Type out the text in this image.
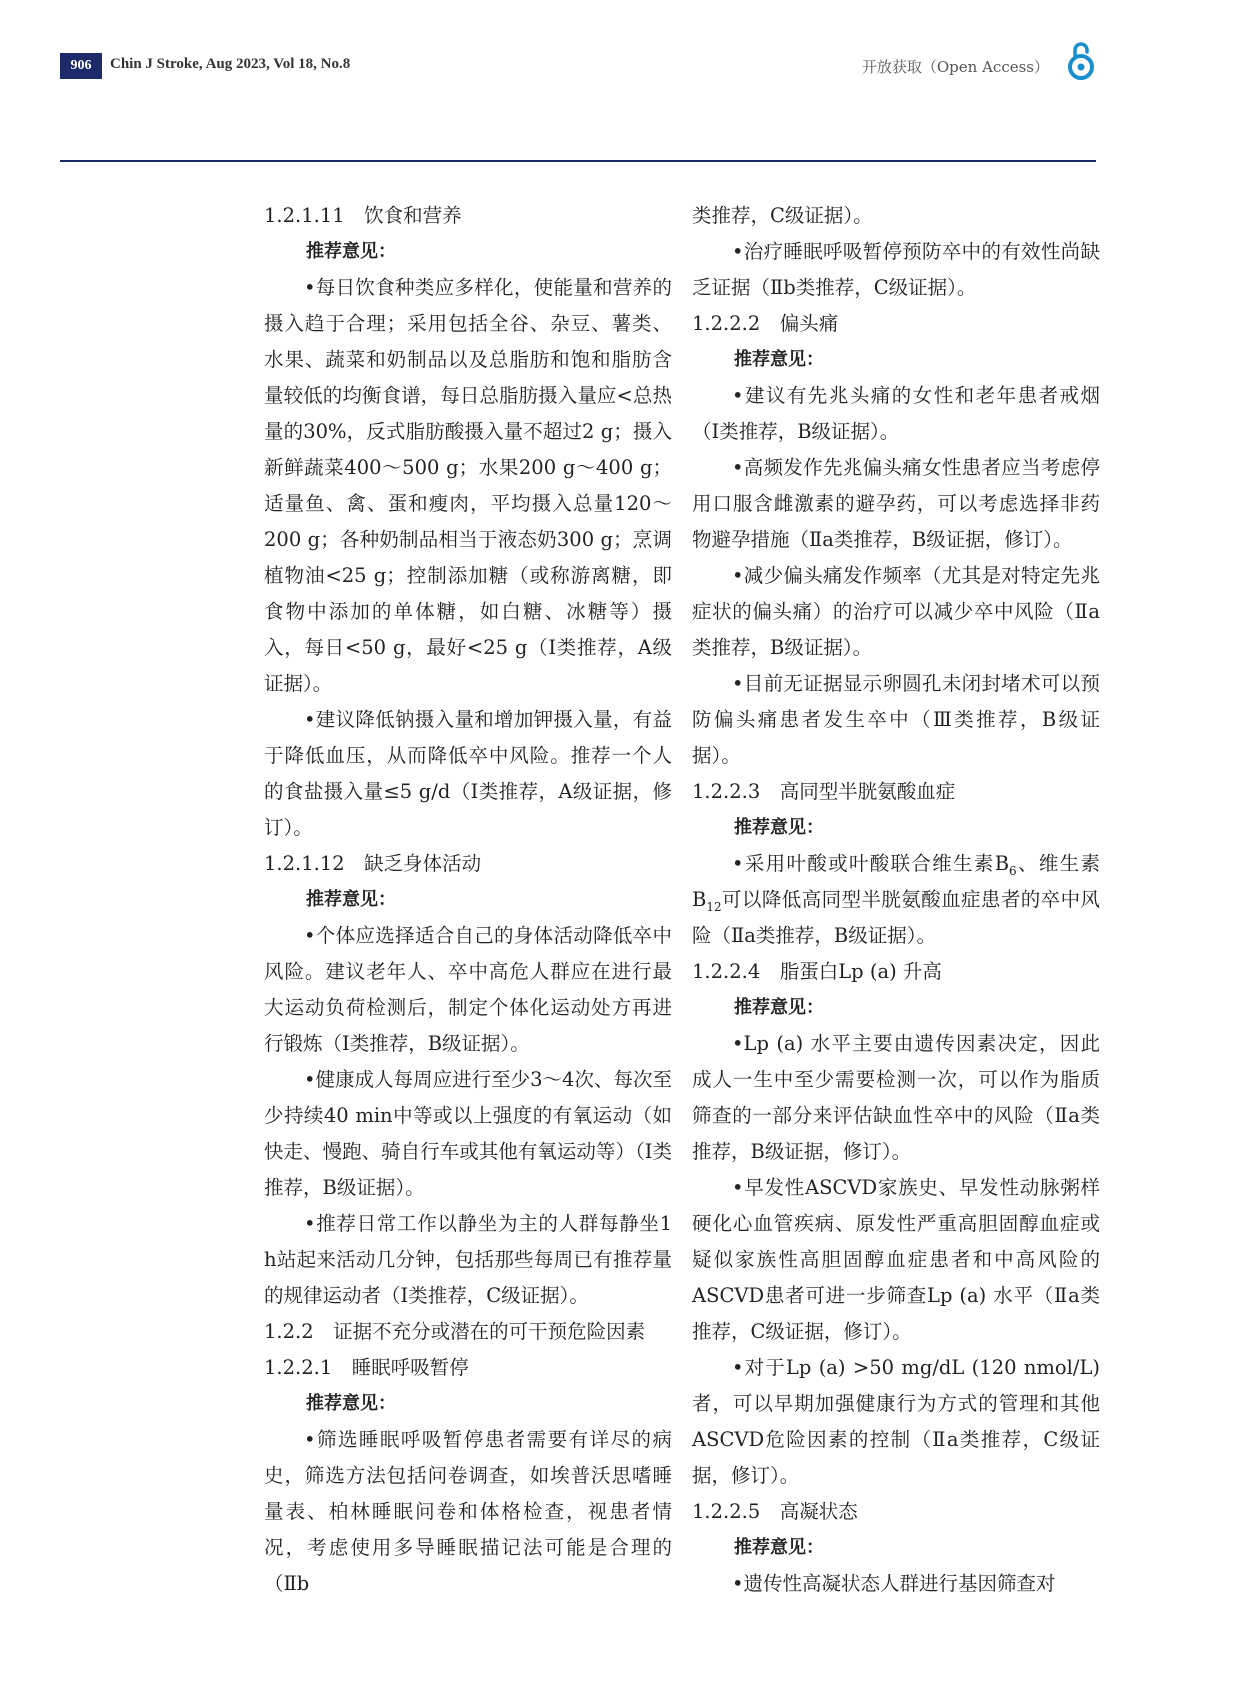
906	Chin J Stroke, Aug 2023, Vol 18, No.8	开放获取（Open Access）

1.2.1.11　饮食和营养

推荐意见：

•每日饮食种类应多样化，使能量和营养的摄入趋于合理；采用包括全谷、杂豆、薯类、水果、蔬菜和奶制品以及总脂肪和饱和脂肪含量较低的均衡食谱，每日总脂肪摄入量应<总热量的30%，反式脂肪酸摄入量不超过2 g；摄入新鲜蔬菜400～500 g；水果200 g～400 g；适量鱼、禽、蛋和瘦肉，平均摄入总量120～200 g；各种奶制品相当于液态奶300 g；烹调植物油<25 g；控制添加糖（或称游离糖，即食物中添加的单体糖，如白糖、冰糖等）摄入，每日<50 g，最好<25 g（Ⅰ类推荐，A级证据）。

•建议降低钠摄入量和增加钾摄入量，有益于降低血压，从而降低卒中风险。推荐一个人的食盐摄入量≤5 g/d（Ⅰ类推荐，A级证据，修订）。

1.2.1.12　缺乏身体活动

推荐意见：

•个体应选择适合自己的身体活动降低卒中风险。建议老年人、卒中高危人群应在进行最大运动负荷检测后，制定个体化运动处方再进行锻炼（Ⅰ类推荐，B级证据）。

•健康成人每周应进行至少3～4次、每次至少持续40 min中等或以上强度的有氧运动（如快走、慢跑、骑自行车或其他有氧运动等）（Ⅰ类推荐，B级证据）。

•推荐日常工作以静坐为主的人群每静坐1 h站起来活动几分钟，包括那些每周已有推荐量的规律运动者（Ⅰ类推荐，C级证据）。

1.2.2　证据不充分或潜在的可干预危险因素

1.2.2.1　睡眠呼吸暂停

推荐意见：

•筛选睡眠呼吸暂停患者需要有详尽的病史，筛选方法包括问卷调查，如埃普沃思嗜睡量表、柏林睡眠问卷和体格检查，视患者情况，考虑使用多导睡眠描记法可能是合理的（Ⅱb

类推荐，C级证据）。

•治疗睡眠呼吸暂停预防卒中的有效性尚缺乏证据（Ⅱb类推荐，C级证据）。

1.2.2.2　偏头痛

推荐意见：

•建议有先兆头痛的女性和老年患者戒烟（Ⅰ类推荐，B级证据）。

•高频发作先兆偏头痛女性患者应当考虑停用口服含雌激素的避孕药，可以考虑选择非药物避孕措施（Ⅱa类推荐，B级证据，修订）。

•减少偏头痛发作频率（尤其是对特定先兆症状的偏头痛）的治疗可以减少卒中风险（Ⅱa类推荐，B级证据）。

•目前无证据显示卵圆孔未闭封堵术可以预防偏头痛患者发生卒中（Ⅲ类推荐，B级证据）。

1.2.2.3　高同型半胱氨酸血症

推荐意见：

•采用叶酸或叶酸联合维生素$B_6$、维生素$B_{12}$可以降低高同型半胱氨酸血症患者的卒中风险（Ⅱa类推荐，B级证据）。

1.2.2.4　脂蛋白Lp (a) 升高

推荐意见：

•Lp (a) 水平主要由遗传因素决定，因此成人一生中至少需要检测一次，可以作为脂质筛查的一部分来评估缺血性卒中的风险（Ⅱa类推荐，B级证据，修订）。

•早发性ASCVD家族史、早发性动脉粥样硬化心血管疾病、原发性严重高胆固醇血症或疑似家族性高胆固醇血症患者和中高风险的ASCVD患者可进一步筛查Lp (a) 水平（Ⅱa类推荐，C级证据，修订）。

•对于Lp (a) >50 mg/dL (120 nmol/L) 者，可以早期加强健康行为方式的管理和其他ASCVD危险因素的控制（Ⅱa类推荐，C级证据，修订）。

1.2.2.5　高凝状态

推荐意见：

•遗传性高凝状态人群进行基因筛查对
